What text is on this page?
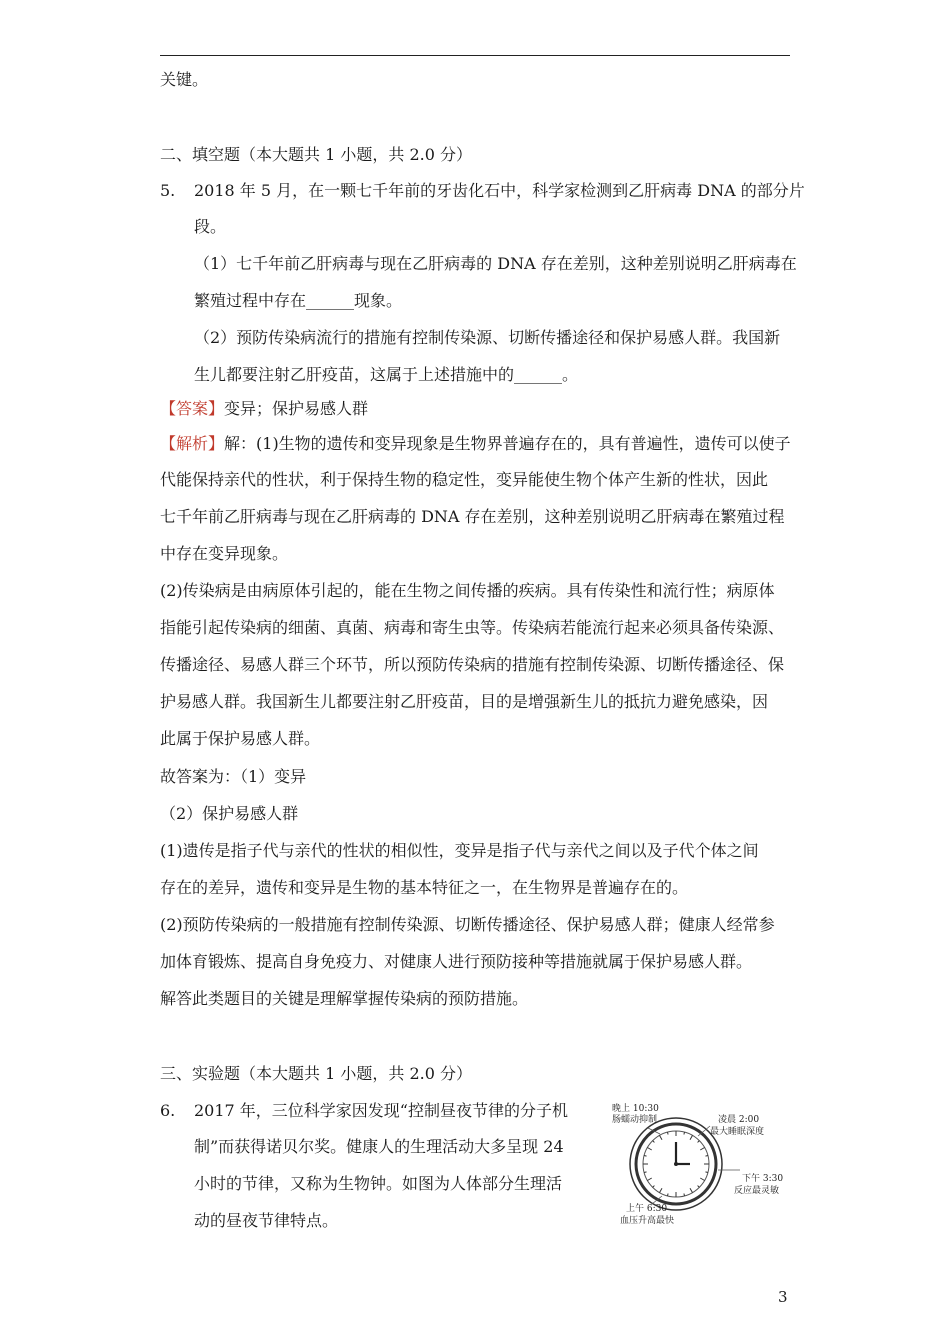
关键。
二、填空题（本大题共 1 小题，共 2.0 分）
5. 2018 年 5 月，在一颗七千年前的牙齿化石中，科学家检测到乙肝病毒 DNA 的部分片
段。
（1）七千年前乙肝病毒与现在乙肝病毒的 DNA 存在差别，这种差别说明乙肝病毒在
繁殖过程中存在______现象。
（2）预防传染病流行的措施有控制传染源、切断传播途径和保护易感人群。我国新
生儿都要注射乙肝疫苗，这属于上述措施中的______。
【答案】变异；保护易感人群
【解析】解：(1)生物的遗传和变异现象是生物界普遍存在的，具有普遍性，遗传可以使子
代能保持亲代的性状，利于保持生物的稳定性，变异能使生物个体产生新的性状，因此
七千年前乙肝病毒与现在乙肝病毒的 DNA 存在差别，这种差别说明乙肝病毒在繁殖过程
中存在变异现象。
(2)传染病是由病原体引起的，能在生物之间传播的疾病。具有传染性和流行性；病原体
指能引起传染病的细菌、真菌、病毒和寄生虫等。传染病若能流行起来必须具备传染源、
传播途径、易感人群三个环节，所以预防传染病的措施有控制传染源、切断传播途径、保
护易感人群。我国新生儿都要注射乙肝疫苗，目的是增强新生儿的抵抗力避免感染，因
此属于保护易感人群。
故答案为：（1）变异
（2）保护易感人群
(1)遗传是指子代与亲代的性状的相似性，变异是指子代与亲代之间以及子代个体之间
存在的差异，遗传和变异是生物的基本特征之一，在生物界是普遍存在的。
(2)预防传染病的一般措施有控制传染源、切断传播途径、保护易感人群；健康人经常参
加体育锻炼、提高自身免疫力、对健康人进行预防接种等措施就属于保护易感人群。
解答此类题目的关键是理解掌握传染病的预防措施。
三、实验题（本大题共 1 小题，共 2.0 分）
6. 2017 年，三位科学家因发现“控制昼夜节律的分子机
制”而获得诺贝尔奖。健康人的生理活动大多呈现 24
小时的节律，又称为生物钟。如图为人体部分生理活
动的昼夜节律特点。
晚上 10:30
肠蠕动抑制	凌晨 2:00
最大睡眠深度
下午 3:30
反应最灵敏
上午 6:30
血压升高最快
3
